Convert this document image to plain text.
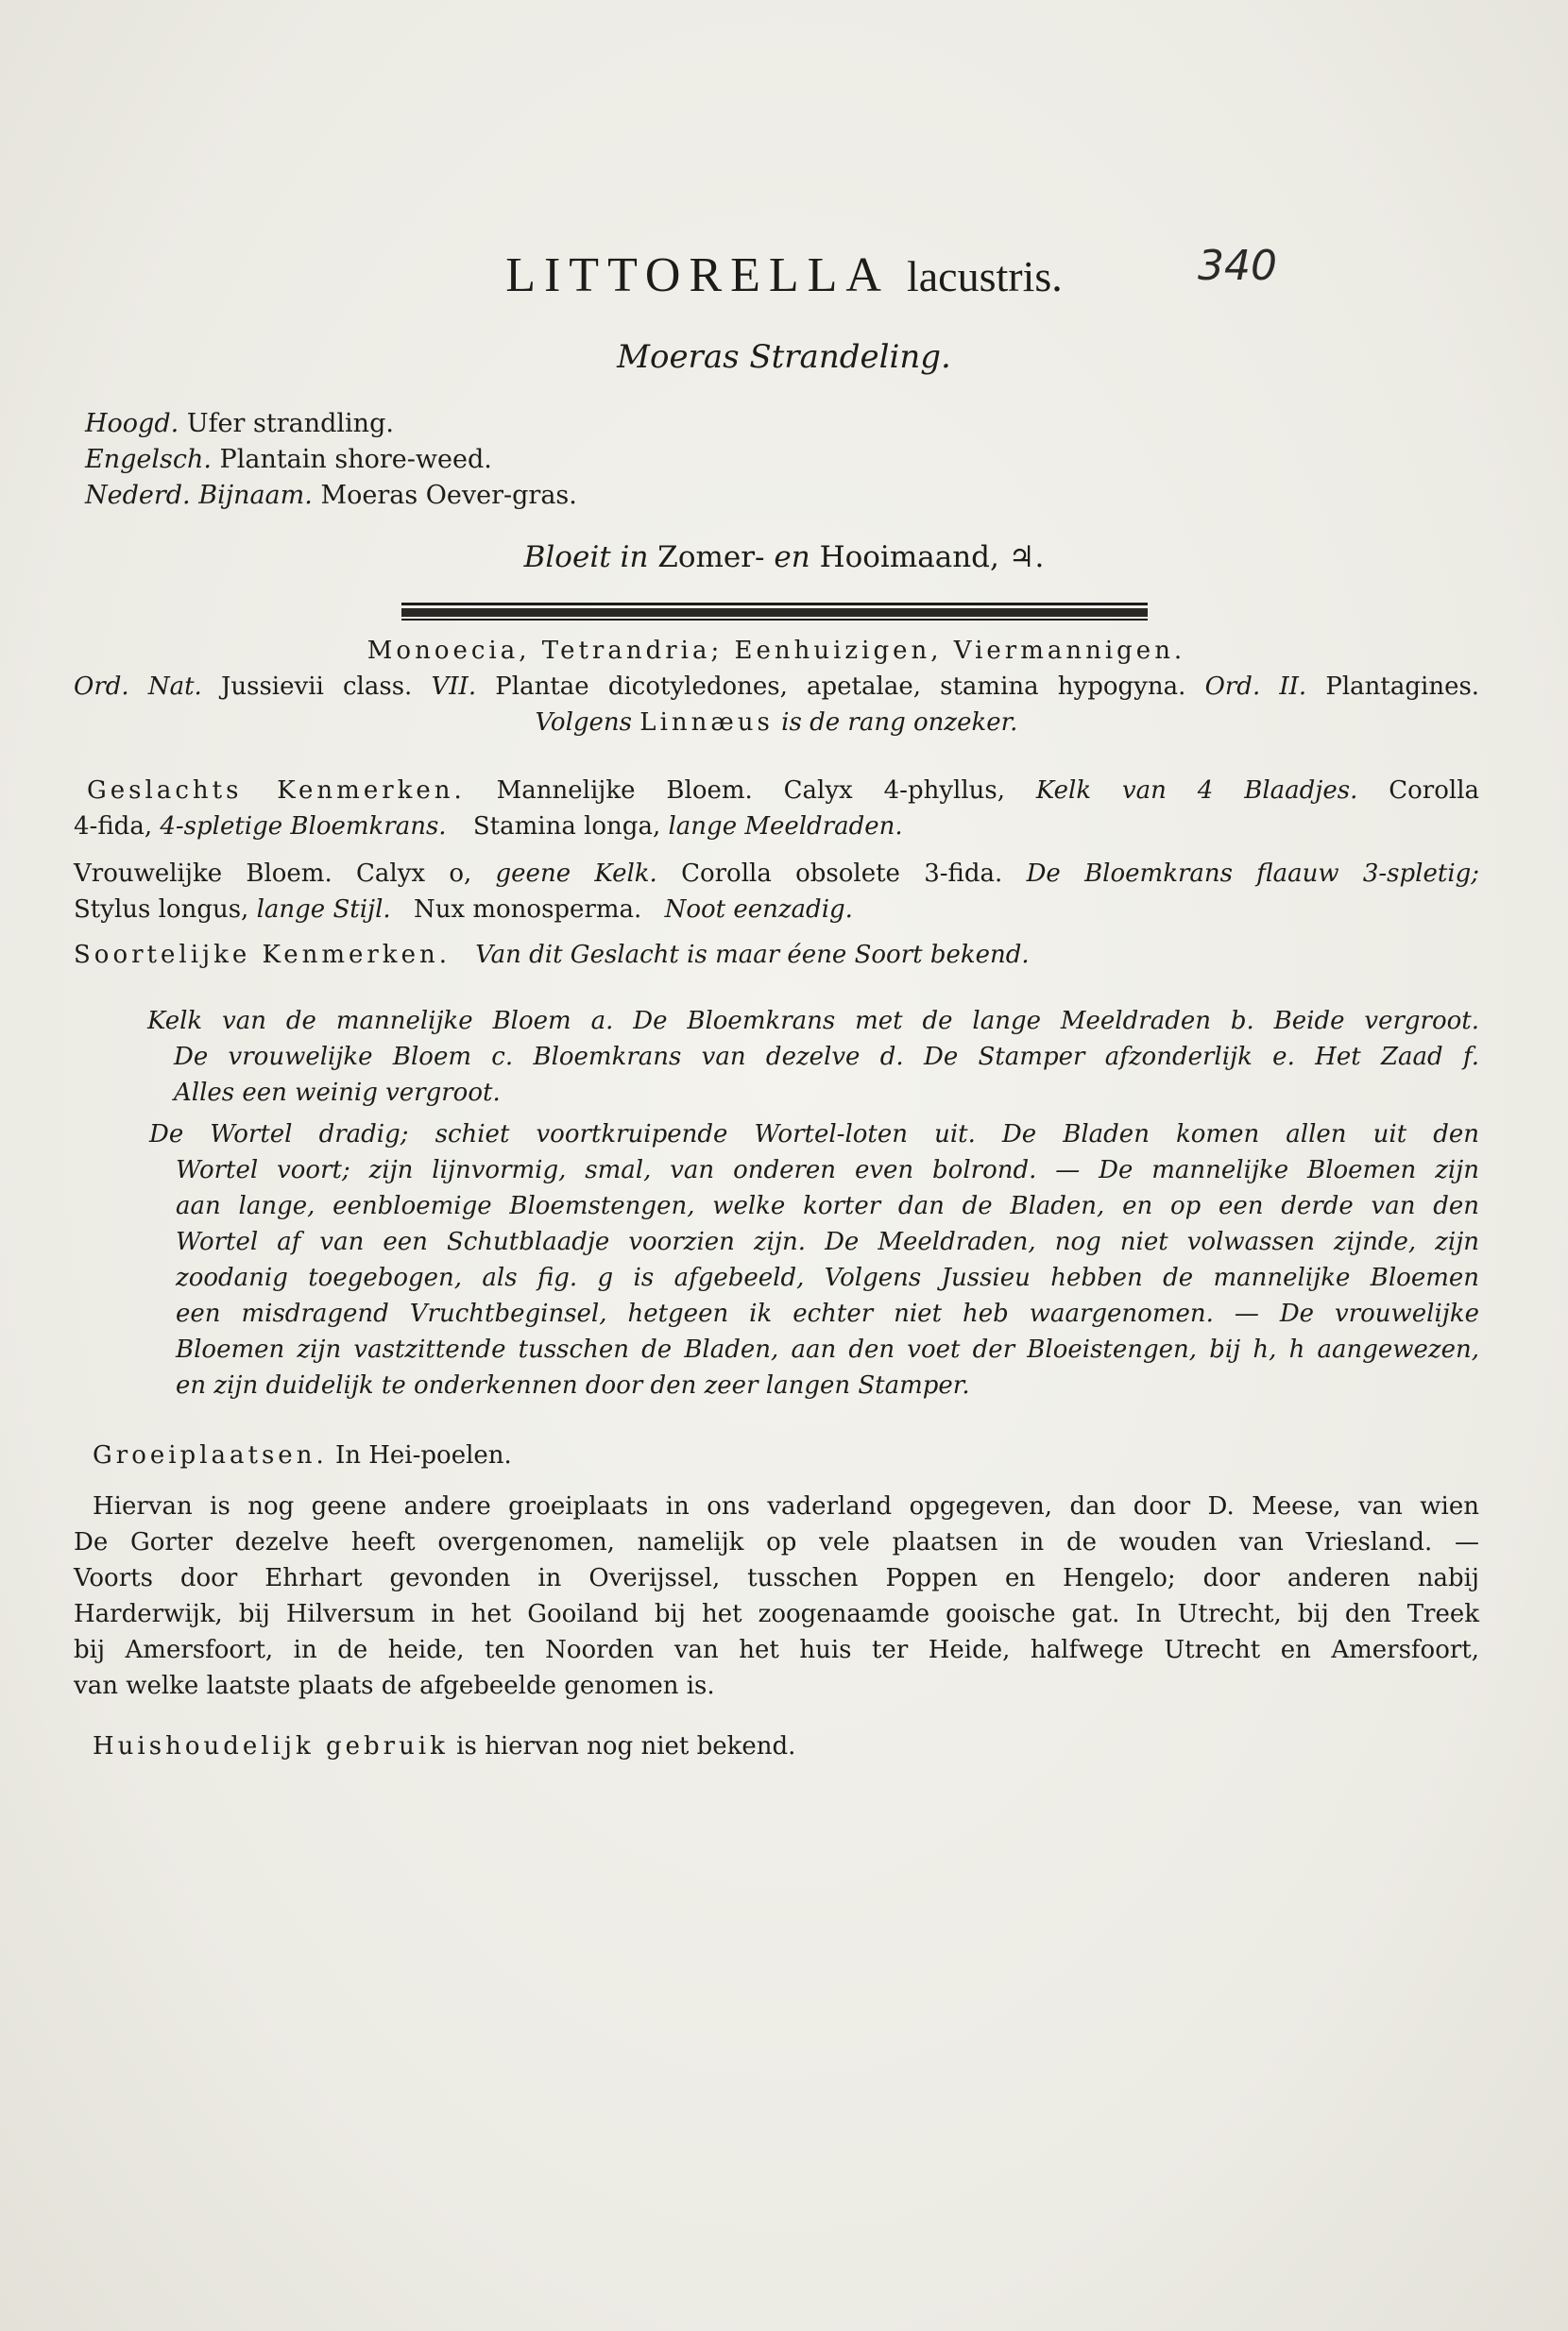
LITTORELLA lacustris.	340
Moeras Strandeling.
Hoogd. Ufer strandling.
Engelsch. Plantain shore-weed.
Nederd. Bijnaam. Moeras Oever-gras.
Bloeit in Zomer- en Hooimaand, ♃.
Monoecia, Tetrandria; Eenhuizigen, Viermannigen.
Ord. Nat. Jussievii class. VII. Plantae dicotyledones, apetalae, stamina hypogyna. Ord. II. Plantagines.
Volgens Linnæus is de rang onzeker.
Geslachts Kenmerken. Mannelijke Bloem. Calyx 4-phyllus, Kelk van 4 Blaadjes. Corolla
4-fida, 4-spletige Bloemkrans. Stamina longa, lange Meeldraden.
Vrouwelijke Bloem. Calyx o, geene Kelk. Corolla obsolete 3-fida. De Bloemkrans flaauw 3-spletig;
Stylus longus, lange Stijl. Nux monosperma. Noot eenzadig.
Soortelijke Kenmerken. Van dit Geslacht is maar éene Soort bekend.
Kelk van de mannelijke Bloem a. De Bloemkrans met de lange Meeldraden b. Beide vergroot.
De vrouwelijke Bloem c. Bloemkrans van dezelve d. De Stamper afzonderlijk e. Het Zaad f.
Alles een weinig vergroot.
De Wortel dradig; schiet voortkruipende Wortel-loten uit. De Bladen komen allen uit den
Wortel voort; zijn lijnvormig, smal, van onderen even bolrond. — De mannelijke Bloemen zijn
aan lange, eenbloemige Bloemstengen, welke korter dan de Bladen, en op een derde van den
Wortel af van een Schutblaadje voorzien zijn. De Meeldraden, nog niet volwassen zijnde, zijn
zoodanig toegebogen, als fig. g is afgebeeld, Volgens Jussieu hebben de mannelijke Bloemen
een misdragend Vruchtbeginsel, hetgeen ik echter niet heb waargenomen. — De vrouwelijke
Bloemen zijn vastzittende tusschen de Bladen, aan den voet der Bloeistengen, bij h, h aangewezen,
en zijn duidelijk te onderkennen door den zeer langen Stamper.
Groeiplaatsen. In Hei-poelen.
Hiervan is nog geene andere groeiplaats in ons vaderland opgegeven, dan door D. Meese, van wien
De Gorter dezelve heeft overgenomen, namelijk op vele plaatsen in de wouden van Vriesland. —
Voorts door Ehrhart gevonden in Overijssel, tusschen Poppen en Hengelo; door anderen nabij
Harderwijk, bij Hilversum in het Gooiland bij het zoogenaamde gooische gat. In Utrecht, bij den Treek
bij Amersfoort, in de heide, ten Noorden van het huis ter Heide, halfwege Utrecht en Amersfoort,
van welke laatste plaats de afgebeelde genomen is.
Huishoudelijk gebruik is hiervan nog niet bekend.
